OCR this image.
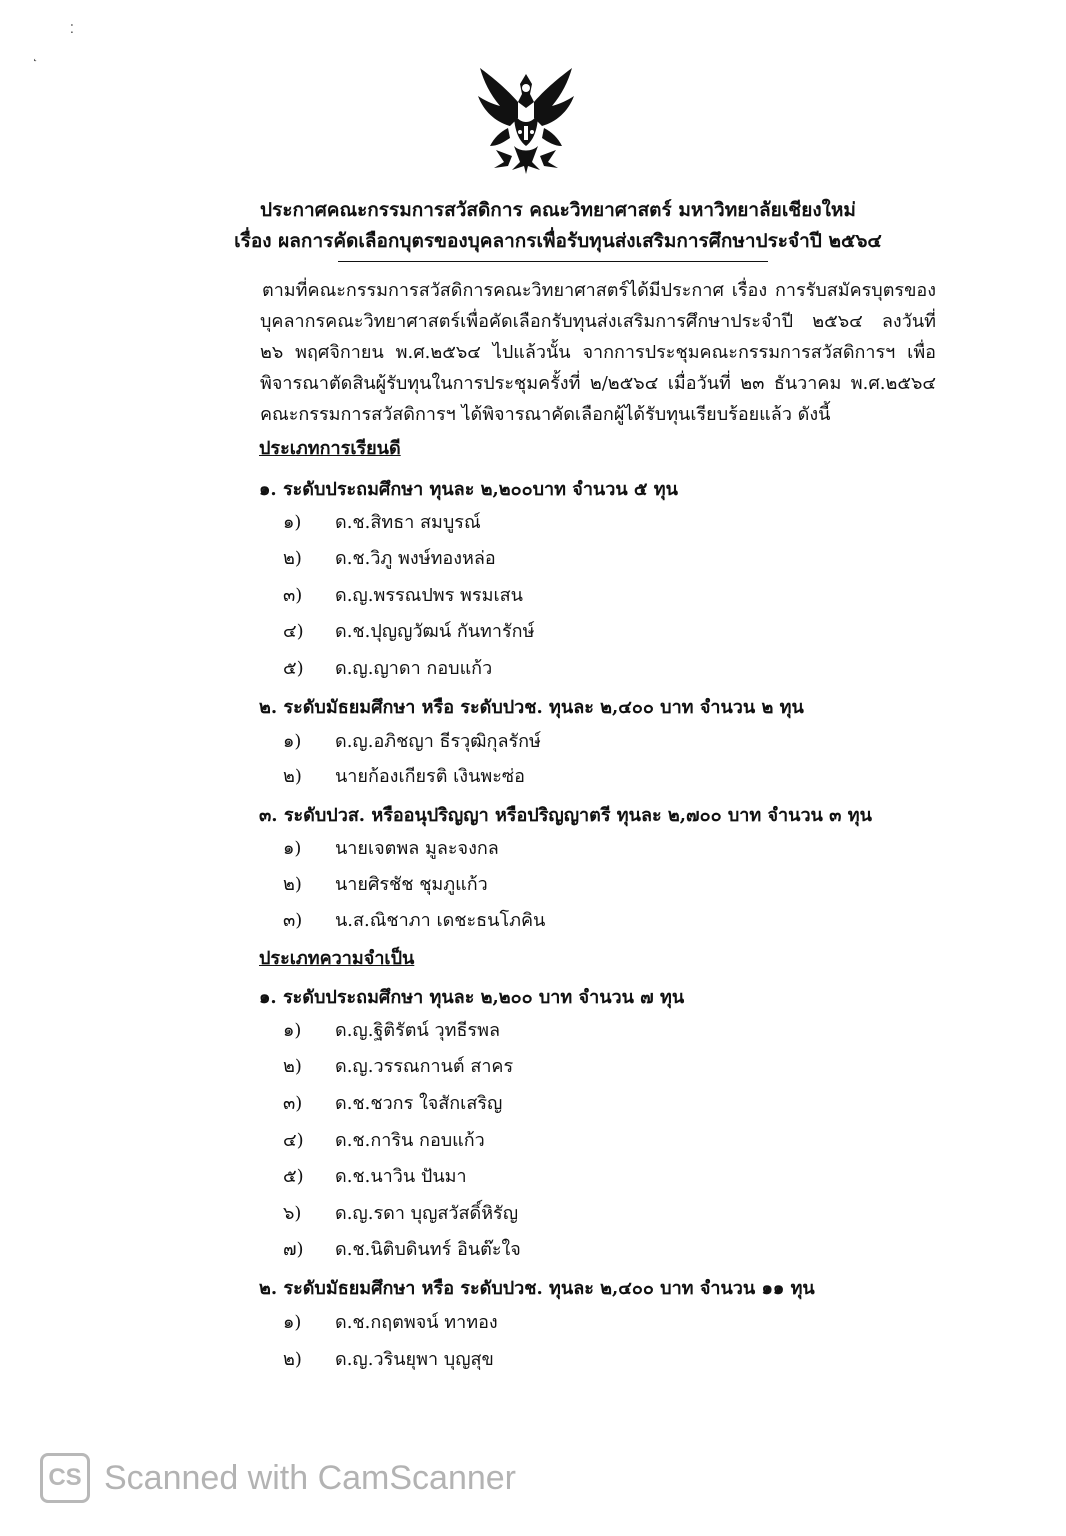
⁚
˛
ประกาศคณะกรรมการสวัสดิการ คณะวิทยาศาสตร์ มหาวิทยาลัยเชียงใหม่
เรื่อง ผลการคัดเลือกบุตรของบุคลากรเพื่อรับทุนส่งเสริมการศึกษาประจำปี ๒๕๖๔
ตามที่คณะกรรมการสวัสดิการคณะวิทยาศาสตร์ได้มีประกาศ เรื่อง การรับสมัครบุตรของบุคลากรคณะวิทยาศาสตร์เพื่อคัดเลือกรับทุนส่งเสริมการศึกษาประจำปี ๒๕๖๔ ลงวันที่ ๒๖ พฤศจิกายน พ.ศ.๒๕๖๔ ไปแล้วนั้น จากการประชุมคณะกรรมการสวัสดิการฯ เพื่อพิจารณาตัดสินผู้รับทุนในการประชุมครั้งที่ ๒/๒๕๖๔ เมื่อวันที่ ๒๓ ธันวาคม พ.ศ.๒๕๖๔ คณะกรรมการสวัสดิการฯ ได้พิจารณาคัดเลือกผู้ได้รับทุนเรียบร้อยแล้ว ดังนี้
ประเภทการเรียนดี
๑. ระดับประถมศึกษา ทุนละ ๒,๒๐๐บาท จำนวน ๕ ทุน
๑) ด.ช.สิทธา สมบูรณ์
๒) ด.ช.วิภู พงษ์ทองหล่อ
๓) ด.ญ.พรรณปพร พรมเสน
๔) ด.ช.ปุญญวัฒน์ กันทารักษ์
๕) ด.ญ.ญาดา กอบแก้ว
๒. ระดับมัธยมศึกษา หรือ ระดับปวช. ทุนละ ๒,๔๐๐ บาท จำนวน ๒ ทุน
๑) ด.ญ.อภิชญา ธีรวุฒิกุลรักษ์
๒) นายก้องเกียรติ เงินพะซ่อ
๓. ระดับปวส. หรืออนุปริญญา หรือปริญญาตรี ทุนละ ๒,๗๐๐ บาท จำนวน ๓ ทุน
๑) นายเจตพล มูละจงกล
๒) นายศิรชัช ชุมภูแก้ว
๓) น.ส.ณิชาภา เดชะธนโภคิน
ประเภทความจำเป็น
๑. ระดับประถมศึกษา ทุนละ ๒,๒๐๐ บาท จำนวน ๗ ทุน
๑) ด.ญ.ฐิติรัตน์ วุทธีรพล
๒) ด.ญ.วรรณกานต์ สาคร
๓) ด.ช.ชวกร ใจสักเสริญ
๔) ด.ช.การิน กอบแก้ว
๕) ด.ช.นาวิน ปันมา
๖) ด.ญ.รดา บุญสวัสดิ์หิรัญ
๗) ด.ช.นิติบดินทร์ อินต๊ะใจ
๒. ระดับมัธยมศึกษา หรือ ระดับปวช. ทุนละ ๒,๔๐๐ บาท จำนวน ๑๑ ทุน
๑) ด.ช.กฤตพจน์ ทาทอง
๒) ด.ญ.วรินยุพา บุญสุข
CS Scanned with CamScanner
